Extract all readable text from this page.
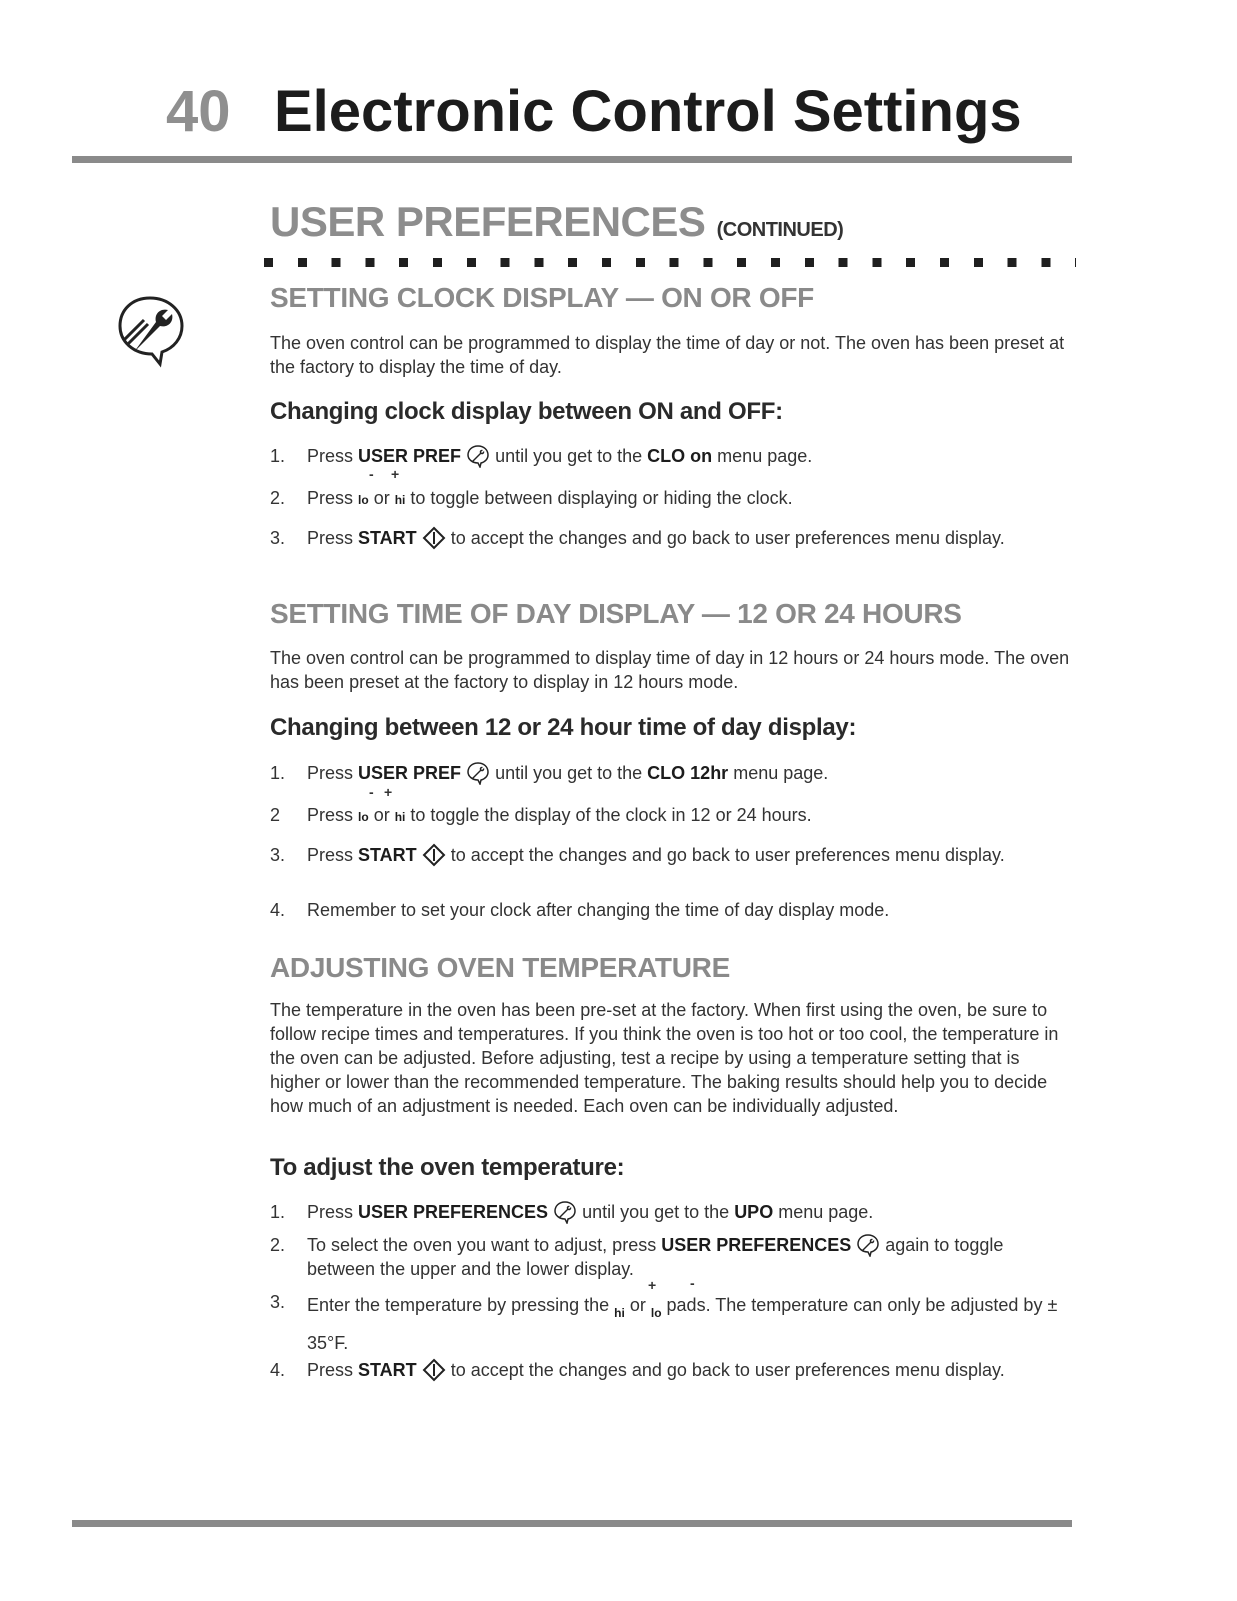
40 Electronic Control Settings
USER PREFERENCES (CONTINUED)
SETTING CLOCK DISPLAY — ON OR OFF
The oven control can be programmed to display the time of day or not. The oven has been preset at the factory to display the time of day.
Changing clock display between ON and OFF:
1.	Press USER PREF  until you get to the CLO on menu page.
- +
2.	Press lo or hi to toggle between displaying or hiding the clock.
3.	Press START  to accept the changes and go back to user preferences menu display.
SETTING TIME OF DAY DISPLAY — 12 OR 24 HOURS
The oven control can be programmed to display time of day in 12 hours or 24 hours mode. The oven has been preset at the factory to display in 12 hours mode.
Changing between 12 or 24 hour time of day display:
1.	Press USER PREF  until you get to the CLO 12hr menu page.
- +
2	Press lo or hi to toggle the display of the clock in 12 or 24 hours.
3.	Press START  to accept the changes and go back to user preferences menu display.
4.	Remember to set your clock after changing the time of day display mode.
ADJUSTING OVEN TEMPERATURE
The temperature in the oven has been pre-set at the factory. When first using the oven, be sure to follow recipe times and temperatures. If you think the oven is too hot or too cool, the temperature in the oven can be adjusted. Before adjusting, test a recipe by using a temperature setting that is higher or lower than the recommended temperature. The baking results should help you to decide how much of an adjustment is needed. Each oven can be individually adjusted.
To adjust the oven temperature:
1.	Press USER PREFERENCES  until you get to the UPO menu page.
2.	To select the oven you want to adjust, press USER PREFERENCES  again to toggle between the upper and the lower display.
+ -
3.	Enter the temperature by pressing the $_{hi}$ or $_{lo}$ pads. The temperature can only be adjusted by ± 35°F.
4.	Press START  to accept the changes and go back to user preferences menu display.
